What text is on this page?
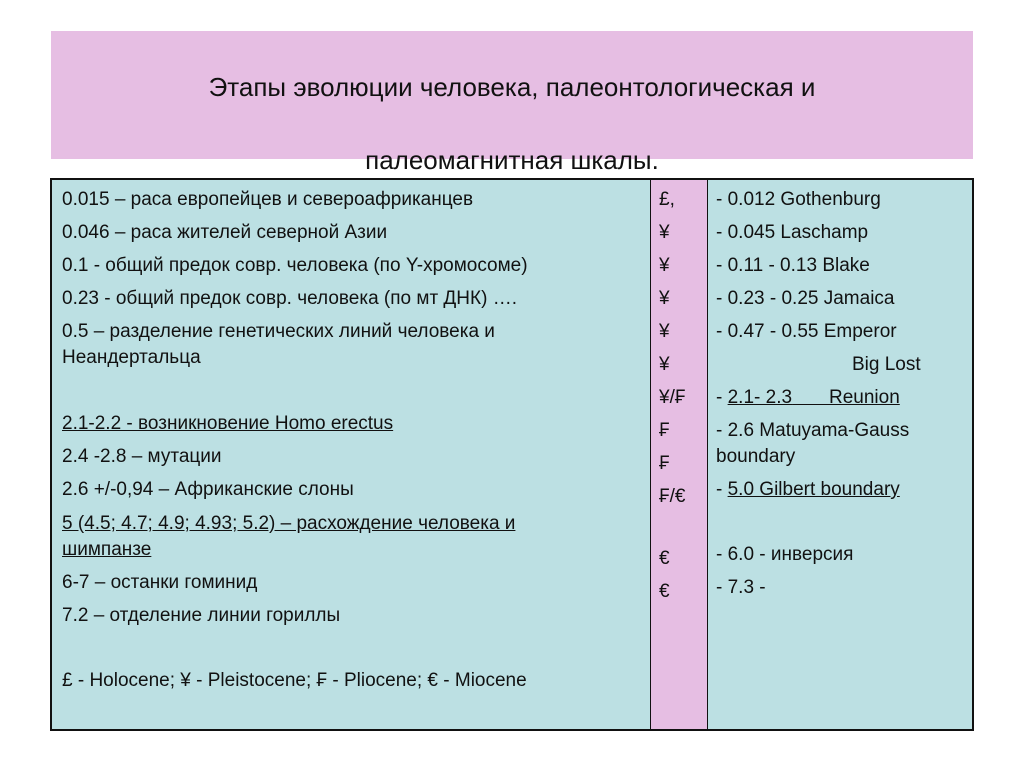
Этапы эволюции человека, палеонтологическая и
палеомагнитная шкалы.
0.015 – раса европейцев и североафриканцев
0.046 – раса жителей северной Азии
0.1 - общий предок совр. человека (по Y-хромосоме)
0.23 - общий предок совр. человека (по мт ДНК) ….
0.5 – разделение генетических линий человека и
Неандертальца
2.1-2.2 - возникновение Homo erectus
2.4 -2.8 – мутации
2.6 +/-0,94 – Африканские слоны
5 (4.5; 4.7; 4.9; 4.93; 5.2) – расхождение человека и
шимпанзе
6-7 – останки гоминид
7.2 – отделение линии гориллы
£ - Holocene; ¥ - Pleistocene; ₣ - Pliocene; € - Miocene
£,
¥
¥
¥
¥
¥
¥/₣
₣
₣
₣/€
€
€
- 0.012 Gothenburg
- 0.045 Laschamp
- 0.11 - 0.13 Blake
- 0.23 - 0.25 Jamaica
- 0.47 - 0.55 Emperor
Big Lost
- 2.1- 2.3 Reunion
- 2.6 Matuyama-Gauss
boundary
- 5.0 Gilbert boundary
- 6.0 - инверсия
- 7.3 -
